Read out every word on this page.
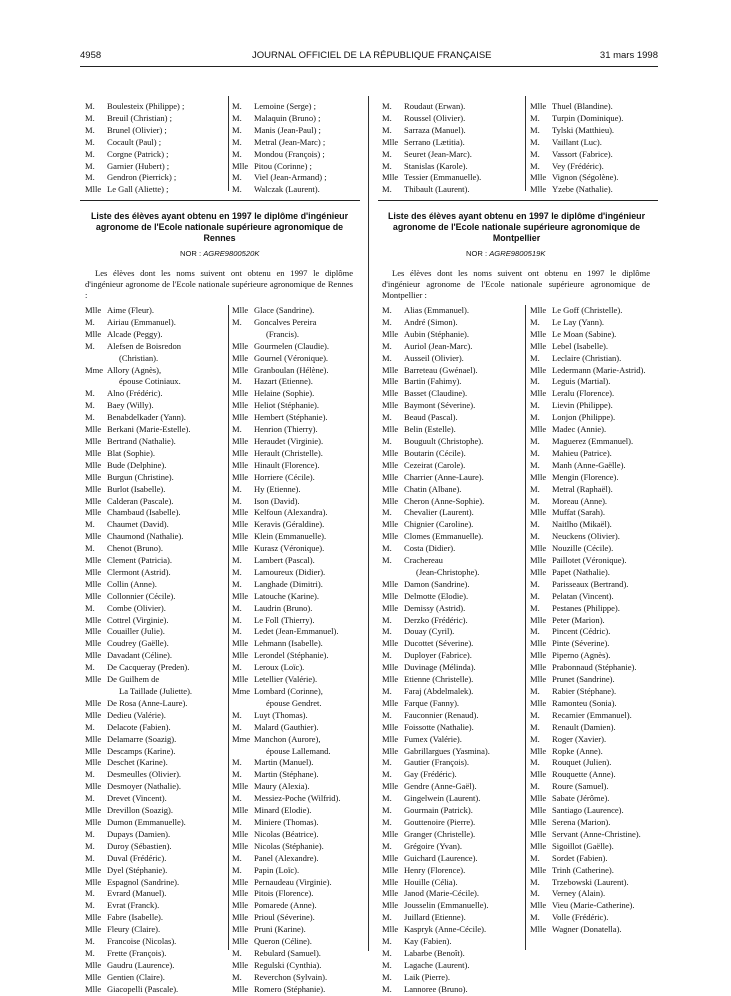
4958	JOURNAL OFFICIEL DE LA RÉPUBLIQUE FRANÇAISE	31 mars 1998
M.	Boulesteix (Philippe) ;
M.	Breuil (Christian) ;
M.	Brunel (Olivier) ;
M.	Cocault (Paul) ;
M.	Corgne (Patrick) ;
M.	Garnier (Hubert) ;
M.	Gendron (Pierrick) ;
Mlle Le Gall (Aliette) ;
M.	Lemoine (Serge) ;
M.	Malaquin (Bruno) ;
M.	Manis (Jean-Paul) ;
M.	Metral (Jean-Marc) ;
M.	Mondou (François) ;
Mlle Pitou (Corinne) ;
M.	Viel (Jean-Armand) ;
M.	Walczak (Laurent).
M.	Roudaut (Erwan).
M.	Roussel (Olivier).
M.	Sarraza (Manuel).
Mlle Serrano (Lætitia).
M.	Seuret (Jean-Marc).
M.	Stanislas (Karole).
Mlle Tessier (Emmanuelle).
M.	Thibault (Laurent).
Mlle Thuel (Blandine).
M.	Turpin (Dominique).
M.	Tylski (Matthieu).
M.	Vaillant (Luc).
M.	Vassort (Fabrice).
M.	Vey (Frédéric).
Mlle Vignon (Ségolène).
Mlle Yzebe (Nathalie).
Liste des élèves ayant obtenu en 1997 le diplôme d'ingénieur agronome de l'Ecole nationale supérieure agronomique de Rennes
NOR : AGRE9800520K
Les élèves dont les noms suivent ont obtenu en 1997 le diplôme d'ingénieur agronome de l'Ecole nationale supérieure agronomique de Rennes :
Liste des élèves ayant obtenu en 1997 le diplôme d'ingénieur agronome de l'Ecole nationale supérieure agronomique de Montpellier
NOR : AGRE9800519K
Les élèves dont les noms suivent ont obtenu en 1997 le diplôme d'ingénieur agronome de l'Ecole nationale supérieure agronomique de Montpellier :
Mlle Aime (Fleur).
M.	Airiau (Emmanuel).
Mlle Alcade (Peggy).
M.	Alefsen de Boisredon
(Christian).
Mme Allory (Agnès),
épouse Cotiniaux.
M.	Alno (Frédéric).
M.	Baey (Willy).
M.	Benabdelkader (Yann).
Mlle Berkani (Marie-Estelle).
Mlle Bertrand (Nathalie).
Mlle Blat (Sophie).
Mlle Bude (Delphine).
Mlle Burgun (Christine).
Mlle Burlot (Isabelle).
Mlle Calderan (Pascale).
Mlle Chambaud (Isabelle).
M.	Chaumet (David).
Mlle Chaumond (Nathalie).
M.	Chenot (Bruno).
Mlle Clement (Patricia).
Mlle Clermont (Astrid).
Mlle Collin (Anne).
Mlle Collonnier (Cécile).
M.	Combe (Olivier).
Mlle Cottrel (Virginie).
Mlle Couailler (Julie).
Mlle Coudrey (Gaëlle).
Mlle Davadant (Céline).
M.	De Cacqueray (Preden).
Mlle De Guilhem de
La Taillade (Juliette).
Mlle De Rosa (Anne-Laure).
Mlle Dedieu (Valérie).
M.	Delacote (Fabien).
Mlle Delamarre (Soazig).
Mlle Descamps (Karine).
Mlle Deschet (Karine).
M.	Desmeulles (Olivier).
Mlle Desmoyer (Nathalie).
M.	Drevet (Vincent).
Mlle Drevillon (Soazig).
Mlle Dumon (Emmanuelle).
M.	Dupays (Damien).
M.	Duroy (Sébastien).
M.	Duval (Frédéric).
Mlle Dyel (Stéphanie).
Mlle Espagnol (Sandrine).
M.	Evrard (Manuel).
M.	Evrat (Franck).
Mlle Fabre (Isabelle).
Mlle Fleury (Claire).
M.	Francoise (Nicolas).
M.	Frette (François).
Mlle Gaudru (Laurence).
Mlle Gentien (Claire).
Mlle Giacopelli (Pascale).
Mlle Glace (Sandrine).
M.	Goncalves Pereira
(Francis).
Mlle Gourmelen (Claudie).
Mlle Gournel (Véronique).
Mlle Granboulan (Hélène).
M.	Hazart (Etienne).
Mlle Helaine (Sophie).
Mlle Heliot (Stéphanie).
Mlle Hembert (Stéphanie).
M.	Henrion (Thierry).
Mlle Heraudet (Virginie).
Mlle Herault (Christelle).
Mlle Hinault (Florence).
Mlle Horriere (Cécile).
M.	Hy (Etienne).
M.	Ison (David).
Mlle Kelfoun (Alexandra).
Mlle Keravis (Géraldine).
Mlle Klein (Emmanuelle).
Mlle Kurasz (Véronique).
M.	Lambert (Pascal).
M.	Lamoureux (Didier).
M.	Langhade (Dimitri).
Mlle Latouche (Karine).
M.	Laudrin (Bruno).
M.	Le Foll (Thierry).
M.	Ledet (Jean-Emmanuel).
Mlle Lehmann (Isabelle).
Mlle Lerondel (Stéphanie).
M.	Leroux (Loïc).
Mlle Letellier (Valérie).
Mme Lombard (Corinne),
épouse Gendret.
M.	Luyt (Thomas).
M.	Malard (Gauthier).
Mme Manchon (Aurore),
épouse Lallemand.
M.	Martin (Manuel).
M.	Martin (Stéphane).
Mlle Maury (Alexia).
M.	Messiez-Poche (Wilfrid).
Mlle Minard (Elodie).
M.	Miniere (Thomas).
Mlle Nicolas (Béatrice).
Mlle Nicolas (Stéphanie).
M.	Panel (Alexandre).
M.	Papin (Loïc).
Mlle Pernaudeau (Virginie).
Mlle Pitois (Florence).
Mlle Pomarede (Anne).
Mlle Prioul (Séverine).
Mlle Pruni (Karine).
Mlle Queron (Céline).
M.	Rebulard (Samuel).
Mlle Regulski (Cynthia).
M.	Reverchon (Sylvain).
Mlle Romero (Stéphanie).
M.	Alias (Emmanuel).
M.	André (Simon).
Mlle Aubin (Stéphanie).
M.	Auriol (Jean-Marc).
M.	Ausseil (Olivier).
Mlle Barreteau (Gwénael).
Mlle Bartin (Fahimy).
Mlle Basset (Claudine).
Mlle Baymont (Séverine).
M.	Beaud (Pascal).
Mlle Belin (Estelle).
M.	Bouguult (Christophe).
Mlle Boutarin (Cécile).
Mlle Cezeirat (Carole).
Mlle Charrier (Anne-Laure).
Mlle Chatin (Albane).
Mlle Cheron (Anne-Sophie).
M.	Chevalier (Laurent).
Mlle Chignier (Caroline).
Mlle Clomes (Emmanuelle).
M.	Costa (Didier).
M.	Crachereau
(Jean-Christophe).
Mlle Damon (Sandrine).
Mlle Delmotte (Elodie).
Mlle Demissy (Astrid).
M.	Derzko (Frédéric).
M.	Douay (Cyril).
Mlle Ducottet (Séverine).
M.	Duployer (Fabrice).
Mlle Duvinage (Mélinda).
Mlle Etienne (Christelle).
M.	Faraj (Abdelmalek).
Mlle Farque (Fanny).
M.	Fauconnier (Renaud).
Mlle Foissotte (Nathalie).
Mlle Fumex (Valérie).
Mlle Gabrillargues (Yasmina).
M.	Gautier (François).
M.	Gay (Frédéric).
Mlle Gendre (Anne-Gaël).
M.	Gingelwein (Laurent).
M.	Gourmain (Patrick).
M.	Gouttenoire (Pierre).
Mlle Granger (Christelle).
M.	Grégoire (Yvan).
Mlle Guichard (Laurence).
Mlle Henry (Florence).
Mlle Houille (Célia).
Mlle Janod (Marie-Cécile).
Mlle Jousselin (Emmanuelle).
M.	Juillard (Etienne).
Mlle Kaspryk (Anne-Cécile).
M.	Kay (Fabien).
M.	Labarbe (Benoît).
M.	Lagache (Laurent).
M.	Laik (Pierre).
M.	Lannoree (Bruno).
Mlle Le Goff (Christelle).
M.	Le Lay (Yann).
Mlle Le Moan (Sabine).
Mlle Lebel (Isabelle).
M.	Leclaire (Christian).
Mlle Ledermann (Marie-Astrid).
M.	Leguis (Martial).
Mlle Leralu (Florence).
M.	Lievin (Philippe).
M.	Lonjon (Philippe).
Mlle Madec (Annie).
M.	Maguerez (Emmanuel).
M.	Mahieu (Patrice).
M.	Manh (Anne-Gaëlle).
Mlle Mengin (Florence).
M.	Metral (Raphaël).
M.	Moreau (Anne).
Mlle Muffat (Sarah).
M.	Naitlho (Mikaël).
M.	Neuckens (Olivier).
Mlle Nouzille (Cécile).
Mlle Paillotet (Véronique).
Mlle Papet (Nathalie).
M.	Parisseaux (Bertrand).
M.	Pelatan (Vincent).
M.	Pestanes (Philippe).
Mlle Peter (Marion).
M.	Pincent (Cédric).
Mlle Pinte (Séverine).
Mlle Piperno (Agnès).
Mlle Prabonnaud (Stéphanie).
Mlle Prunet (Sandrine).
M.	Rabier (Stéphane).
Mlle Ramonteu (Sonia).
M.	Recamier (Emmanuel).
M.	Renault (Damien).
M.	Roger (Xavier).
Mlle Ropke (Anne).
M.	Rouquet (Julien).
Mlle Rouquette (Anne).
M.	Roure (Samuel).
Mlle Sabate (Jérôme).
Mlle Santiago (Laurence).
Mlle Serena (Marion).
Mlle Servant (Anne-Christine).
Mlle Sigoillot (Gaëlle).
M.	Sordet (Fabien).
Mlle Trinh (Catherine).
M.	Trzebowski (Laurent).
M.	Verney (Alain).
Mlle Vieu (Marie-Catherine).
M.	Volle (Frédéric).
Mlle Wagner (Donatella).
